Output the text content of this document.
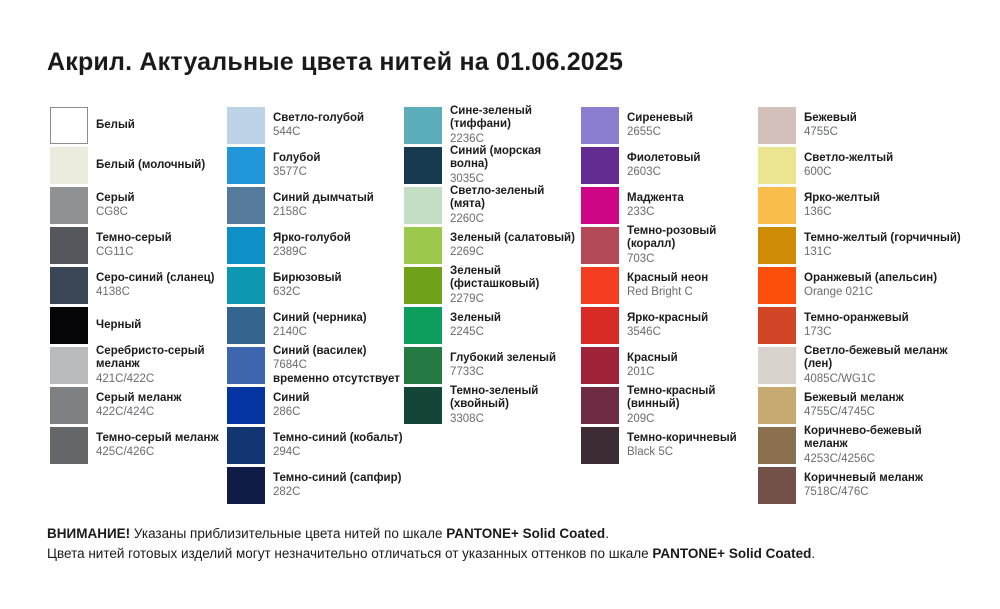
Акрил. Актуальные цвета нитей на 01.06.2025
Белый
Белый (молочный)
Серый
CG8C
Темно-серый
CG11C
Серо-синий (сланец)
4138C
Черный
Серебристо-серый меланж
421C/422C
Серый меланж
422C/424C
Темно-серый меланж
425C/426C
Светло-голубой
544C
Голубой
3577C
Синий дымчатый
2158C
Ярко-голубой
2389C
Бирюзовый
632C
Синий (черника)
2140C
Синий (василек)
7684C
временно отсутствует
Синий
286C
Темно-синий (кобальт)
294C
Темно-синий (сапфир)
282C
Сине-зеленый (тиффани)
2236C
Синий (морская волна)
3035C
Светло-зеленый (мята)
2260C
Зеленый (салатовый)
2269C
Зеленый (фисташковый)
2279C
Зеленый
2245C
Глубокий зеленый
7733C
Темно-зеленый (хвойный)
3308C
Сиреневый
2655C
Фиолетовый
2603C
Маджента
233C
Темно-розовый (коралл)
703C
Красный неон
Red Bright C
Ярко-красный
3546C
Красный
201C
Темно-красный (винный)
209C
Темно-коричневый
Black 5C
Бежевый
4755C
Светло-желтый
600C
Ярко-желтый
136C
Темно-желтый (горчичный)
131C
Оранжевый (апельсин)
Orange 021C
Темно-оранжевый
173C
Светло-бежевый меланж (лен)
4085C/WG1C
Бежевый меланж
4755C/4745C
Коричнево-бежевый меланж
4253C/4256C
Коричневый меланж
7518C/476C
ВНИМАНИЕ! Указаны приблизительные цвета нитей по шкале PANTONE+ Solid Coated.
Цвета нитей готовых изделий могут незначительно отличаться от указанных оттенков по шкале PANTONE+ Solid Coated.
